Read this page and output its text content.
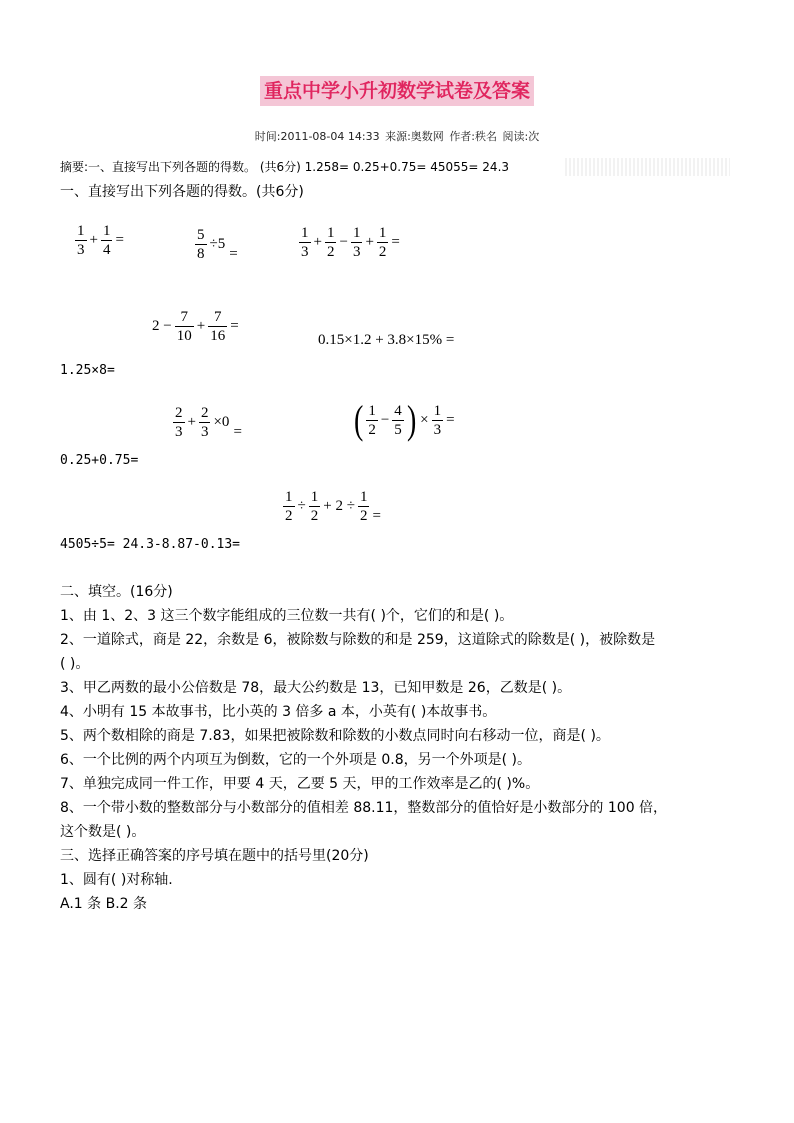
重点中学小升初数学试卷及答案
时间:2011-08-04 14:33 来源:奥数网 作者:秩名 阅读:次
摘要:一、直接写出下列各题的得数。 (共6分) 1.258= 0.25+0.75= 45055= 24.3
一、直接写出下列各题的得数。(共6分)
$\frac{1}{3} + \frac{1}{4}$ =	$\frac{5}{8} \div 5$
=	$\frac{1}{3} + \frac{1}{2} - \frac{1}{3} + \frac{1}{2}$ =
$2 - \frac{7}{10} + \frac{7}{16}$ =
0.15×1.2 + 3.8×15% =
1.25×8=
$\frac{2}{3} + \frac{2}{3} \times 0$
=	( $\frac{1}{2} - \frac{4}{5}$ ) × $\frac{1}{3}$ =
0.25+0.75=
$\frac{1}{2} \div \frac{1}{2} + 2 \div \frac{1}{2}$ =
4505÷5= 24.3-8.87-0.13=
二、填空。(16分)
1、由 1、2、3 这三个数字能组成的三位数一共有( )个，它们的和是( )。
2、一道除式，商是 22，余数是 6，被除数与除数的和是 259，这道除式的除数是( )，被除数是
( )。
3、甲乙两数的最小公倍数是 78，最大公约数是 13，已知甲数是 26，乙数是( )。
4、小明有 15 本故事书，比小英的 3 倍多 a 本，小英有( )本故事书。
5、两个数相除的商是 7.83，如果把被除数和除数的小数点同时向右移动一位，商是( )。
6、一个比例的两个内项互为倒数，它的一个外项是 0.8，另一个外项是( )。
7、单独完成同一件工作，甲要 4 天，乙要 5 天，甲的工作效率是乙的( )%。
8、一个带小数的整数部分与小数部分的值相差 88.11，整数部分的值恰好是小数部分的 100 倍，
这个数是( )。
三、选择正确答案的序号填在题中的括号里(20分)
1、圆有( )对称轴.
A.1 条 B.2 条
